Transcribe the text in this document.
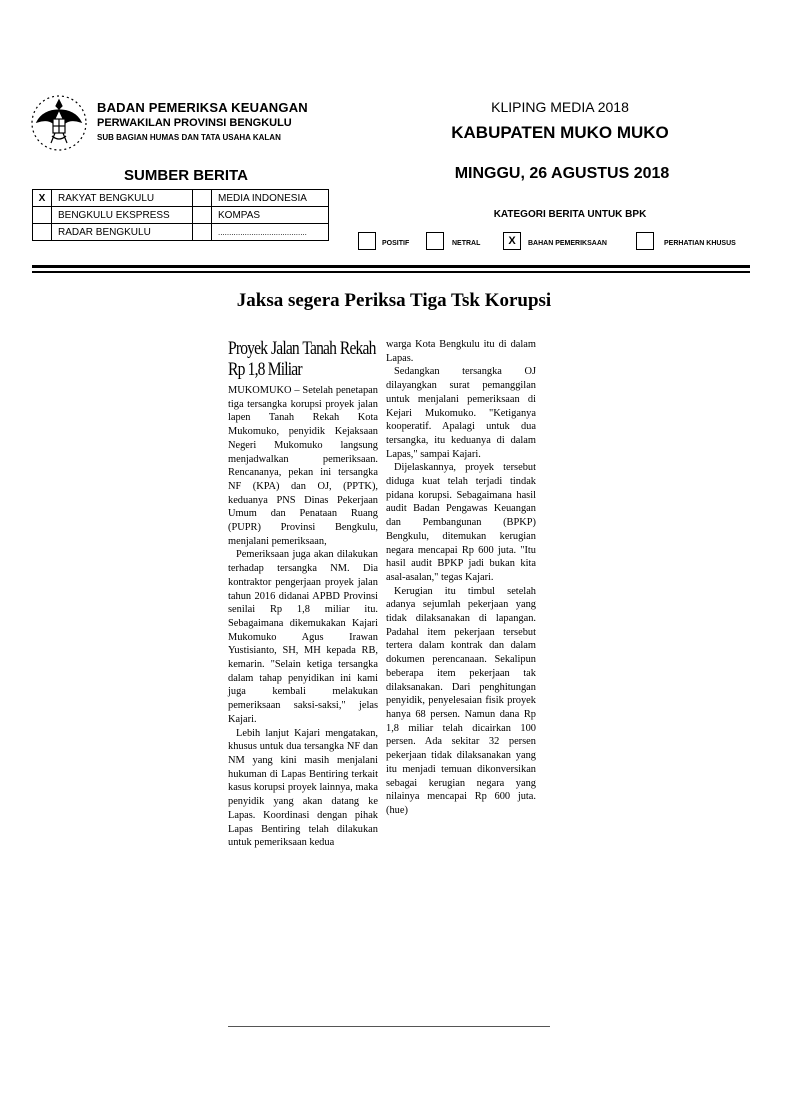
BADAN PEMERIKSA KEUANGAN
PERWAKILAN PROVINSI BENGKULU
SUB BAGIAN HUMAS DAN TATA USAHA KALAN
KLIPING MEDIA 2018
KABUPATEN MUKO MUKO
MINGGU, 26 AGUSTUS 2018
SUMBER BERITA
X	RAKYAT BENGKULU		MEDIA INDONESIA
	BENGKULU EKSPRESS		KOMPAS
	RADAR BENGKULU		........................................
KATEGORI BERITA UNTUK BPK
POSITIF	NETRAL	X	BAHAN PEMERIKSAAN	PERHATIAN KHUSUS
Jaksa segera Periksa Tiga Tsk Korupsi
Proyek Jalan Tanah Rekah Rp 1,8 Miliar

MUKOMUKO – Setelah penetapan tiga tersangka korupsi proyek jalan lapen Tanah Rekah Kota Mukomuko, penyidik Kejaksaan Negeri Mukomuko langsung menjadwalkan pemeriksaan. Rencananya, pekan ini tersangka NF (KPA) dan OJ, (PPTK), keduanya PNS Dinas Pekerjaan Umum dan Penataan Ruang (PUPR) Provinsi Bengkulu, menjalani pemeriksaan,

Pemeriksaan juga akan dilakukan terhadap tersangka NM. Dia kontraktor pengerjaan proyek jalan tahun 2016 didanai APBD Provinsi senilai Rp 1,8 miliar itu. Sebagaimana dikemukakan Kajari Mukomuko Agus Irawan Yustisianto, SH, MH kepada RB, kemarin. "Selain ketiga tersangka dalam tahap penyidikan ini kami juga kembali melakukan pemeriksaan saksi-saksi," jelas Kajari.

Lebih lanjut Kajari mengatakan, khusus untuk dua tersangka NF dan NM yang kini masih menjalani hukuman di Lapas Bentiring terkait kasus korupsi proyek lainnya, maka penyidik yang akan datang ke Lapas. Koordinasi dengan pihak Lapas Bentiring telah dilakukan untuk pemeriksaan kedua

warga Kota Bengkulu itu di dalam Lapas.

Sedangkan tersangka OJ dilayangkan surat pemanggilan untuk menjalani pemeriksaan di Kejari Mukomuko. "Ketiganya kooperatif. Apalagi untuk dua tersangka, itu keduanya di dalam Lapas," sampai Kajari.

Dijelaskannya, proyek tersebut diduga kuat telah terjadi tindak pidana korupsi. Sebagaimana hasil audit Badan Pengawas Keuangan dan Pembangunan (BPKP) Bengkulu, ditemukan kerugian negara mencapai Rp 600 juta. "Itu hasil audit BPKP jadi bukan kita asal-asalan," tegas Kajari.

Kerugian itu timbul setelah adanya sejumlah pekerjaan yang tidak dilaksanakan di lapangan. Padahal item pekerjaan tersebut tertera dalam kontrak dan dalam dokumen perencanaan. Sekalipun beberapa item pekerjaan tak dilaksanakan. Dari penghitungan penyidik, penyelesaian fisik proyek hanya 68 persen. Namun dana Rp 1,8 miliar telah dicairkan 100 persen. Ada sekitar 32 persen pekerjaan tidak dilaksanakan yang itu menjadi temuan dikonversikan sebagai kerugian negara yang nilainya mencapai Rp 600 juta.(hue)
